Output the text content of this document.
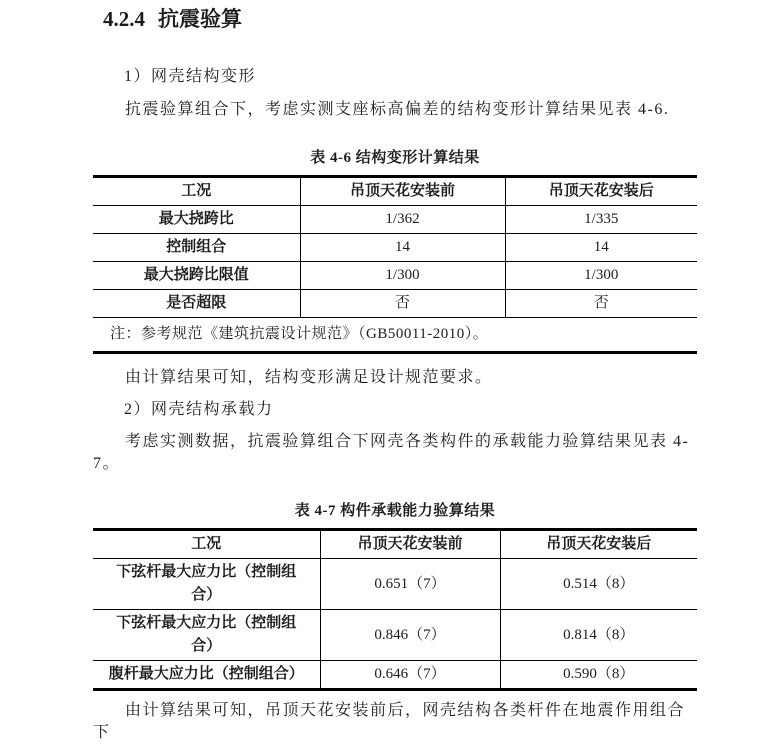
4.2.4 抗震验算

1）网壳结构变形

抗震验算组合下，考虑实测支座标高偏差的结构变形计算结果见表 4-6.

表 4-6 结构变形计算结果
工况	吊顶天花安装前	吊顶天花安装后
最大挠跨比	1/362	1/335
控制组合	14	14
最大挠跨比限值	1/300	1/300
是否超限	否	否
注：参考规范《建筑抗震设计规范》（GB50011-2010）。		

由计算结果可知，结构变形满足设计规范要求。

2）网壳结构承载力

考虑实测数据，抗震验算组合下网壳各类构件的承载能力验算结果见表 4-7。

表 4-7 构件承载能力验算结果
工况	吊顶天花安装前	吊顶天花安装后
下弦杆最大应力比（控制组合）	0.651（7）	0.514（8）
下弦杆最大应力比（控制组合）	0.846（7）	0.814（8）
腹杆最大应力比（控制组合）	0.646（7）	0.590（8）

由计算结果可知，吊顶天花安装前后，网壳结构各类杆件在地震作用组合下
